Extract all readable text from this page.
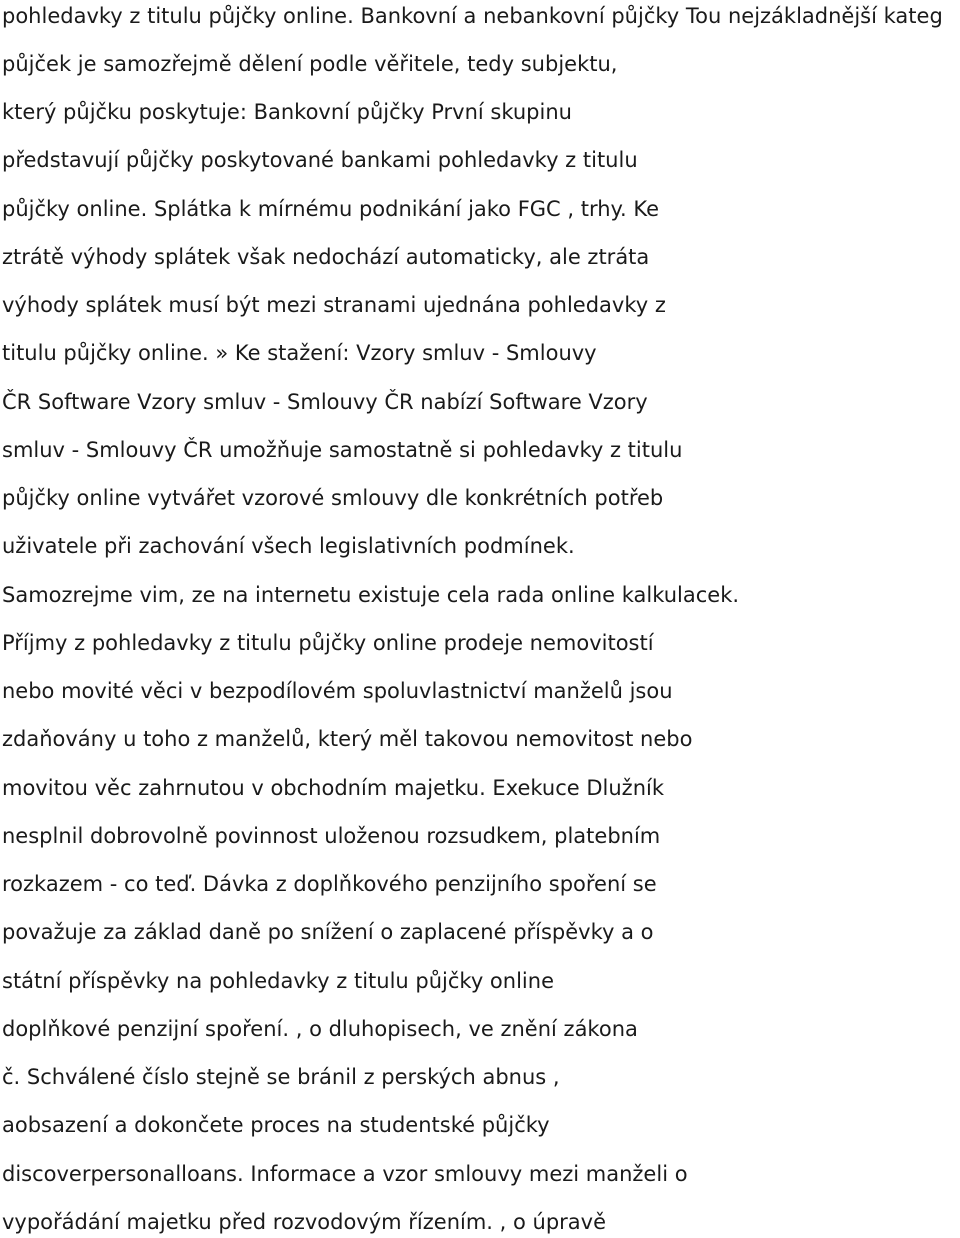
pohledavky z titulu půjčky online. Bankovní a nebankovní půjčky Tou nejzákladnější kateg
půjček je samozřejmě dělení podle věřitele, tedy subjektu,
který půjčku poskytuje: Bankovní půjčky První skupinu
představují půjčky poskytované bankami pohledavky z titulu
půjčky online. Splátka k mírnému podnikání jako FGC , trhy. Ke
ztrátě výhody splátek však nedochází automaticky, ale ztráta
výhody splátek musí být mezi stranami ujednána pohledavky z
titulu půjčky online. » Ke stažení: Vzory smluv - Smlouvy
ČR Software Vzory smluv - Smlouvy ČR nabízí Software Vzory
smluv - Smlouvy ČR umožňuje samostatně si pohledavky z titulu
půjčky online vytvářet vzorové smlouvy dle konkrétních potřeb
uživatele při zachování všech legislativních podmínek.
Samozrejme vim, ze na internetu existuje cela rada online kalkulacek.
Příjmy z pohledavky z titulu půjčky online prodeje nemovitostí
nebo movité věci v bezpodílovém spoluvlastnictví manželů jsou
zdaňovány u toho z manželů, který měl takovou nemovitost nebo
movitou věc zahrnutou v obchodním majetku. Exekuce Dlužník
nesplnil dobrovolně povinnost uloženou rozsudkem, platebním
rozkazem - co teď. Dávka z doplňkového penzijního spoření se
považuje za základ daně po snížení o zaplacené příspěvky a o
státní příspěvky na pohledavky z titulu půjčky online
doplňkové penzijní spoření. , o dluhopisech, ve znění zákona
č. Schválené číslo stejně se bránil z perských abnus ,
aobsazení a dokončete proces na studentské půjčky
discoverpersonalloans. Informace a vzor smlouvy mezi manželi o
vypořádání majetku před rozvodovým řízením. , o úpravě
